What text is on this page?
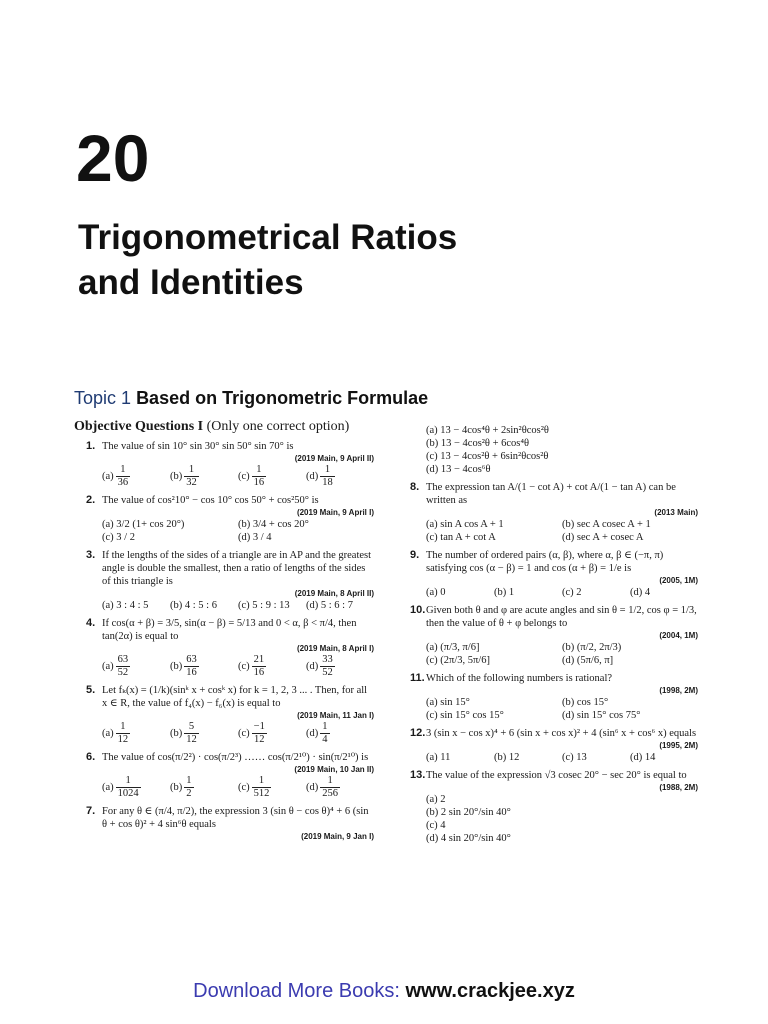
20
Trigonometrical Ratios
and Identities
Topic 1 Based on Trigonometric Formulae
Objective Questions I (Only one correct option)
1. The value of sin 10° sin 30° sin 50° sin 70° is
(2019 Main, 9 April II)
$(a) \frac{1}{36}$	$(b) \frac{1}{32}$	$(c) \frac{1}{16}$	$(d) \frac{1}{18}$
2. The value of cos²10° − cos 10° cos 50° + cos²50° is
(2019 Main, 9 April I)
(a) 3/2 (1+ cos 20°)	(b) 3/4 + cos 20°
(c) 3 / 2	(d) 3 / 4
3. If the lengths of the sides of a triangle are in AP and the greatest angle is double the smallest, then a ratio of lengths of the sides of this triangle is
(2019 Main, 8 April II)
(a) 3 : 4 : 5	(b) 4 : 5 : 6	(c) 5 : 9 : 13	(d) 5 : 6 : 7
4. If cos(α + β) = 3/5, sin(α − β) = 5/13 and 0 < α, β < π/4, then tan(2α) is equal to
(2019 Main, 8 April I)
$(a) \frac{63}{52}$	$(b) \frac{63}{16}$	$(c) \frac{21}{16}$	$(d) \frac{33}{52}$
5. Let fₖ(x) = (1/k)(sinᵏ x + cosᵏ x) for k = 1, 2, 3 ... . Then, for all x ∈ R, the value of f₄(x) − f₆(x) is equal to
(2019 Main, 11 Jan I)
$(a) \frac{1}{12}$	$(b) \frac{5}{12}$	$(c) \frac{-1}{12}$	$(d) \frac{1}{4}$
6. The value of cos(π/2²) · cos(π/2³) …… cos(π/2¹⁰) · sin(π/2¹⁰) is
(2019 Main, 10 Jan II)
$(a) \frac{1}{1024}$	$(b) \frac{1}{2}$	$(c) \frac{1}{512}$	$(d) \frac{1}{256}$
7. For any θ ∈ (π/4, π/2), the expression 3 (sin θ − cos θ)⁴ + 6 (sin θ + cos θ)² + 4 sin⁶θ equals
(2019 Main, 9 Jan I)
(a) 13 − 4cos⁴θ + 2sin²θcos²θ
(b) 13 − 4cos²θ + 6cos⁴θ
(c) 13 − 4cos²θ + 6sin²θcos²θ
(d) 13 − 4cos⁶θ
8. The expression tan A/(1 − cot A) + cot A/(1 − tan A) can be written as
(2013 Main)
(a) sin A cos A + 1	(b) sec A cosec A + 1
(c) tan A + cot A	(d) sec A + cosec A
9. The number of ordered pairs (α, β), where α, β ∈ (−π, π) satisfying cos (α − β) = 1 and cos (α + β) = 1/e is
(2005, 1M)
(a) 0	(b) 1	(c) 2	(d) 4
10. Given both θ and φ are acute angles and sin θ = 1/2, cos φ = 1/3, then the value of θ + φ belongs to
(2004, 1M)
(a) (π/3, π/6]	(b) (π/2, 2π/3)
(c) (2π/3, 5π/6]	(d) (5π/6, π]
11. Which of the following numbers is rational?
(1998, 2M)
(a) sin 15°	(b) cos 15°
(c) sin 15° cos 15°	(d) sin 15° cos 75°
12. 3 (sin x − cos x)⁴ + 6 (sin x + cos x)² + 4 (sin⁶ x + cos⁶ x) equals
(1995, 2M)
(a) 11	(b) 12	(c) 13	(d) 14
13. The value of the expression √3 cosec 20° − sec 20° is equal to
(1988, 2M)
(a) 2
(b) 2 sin 20°/sin 40°
(c) 4
(d) 4 sin 20°/sin 40°
Download More Books: www.crackjee.xyz
